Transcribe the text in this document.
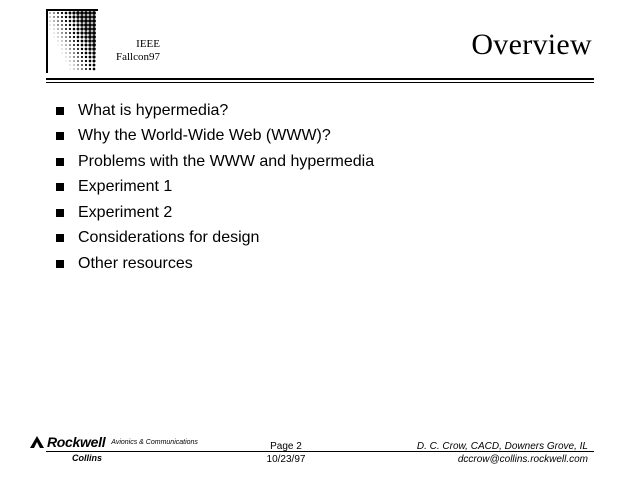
IEEE
Fallcon97	Overview
What is hypermedia?
Why the World-Wide Web (WWW)?
Problems with the WWW and hypermedia
Experiment 1
Experiment 2
Considerations for design
Other resources
Rockwell Avionics & Communications
Collins
Page 2
10/23/97
D. C. Crow, CACD, Downers Grove, IL
dccrow@collins.rockwell.com
